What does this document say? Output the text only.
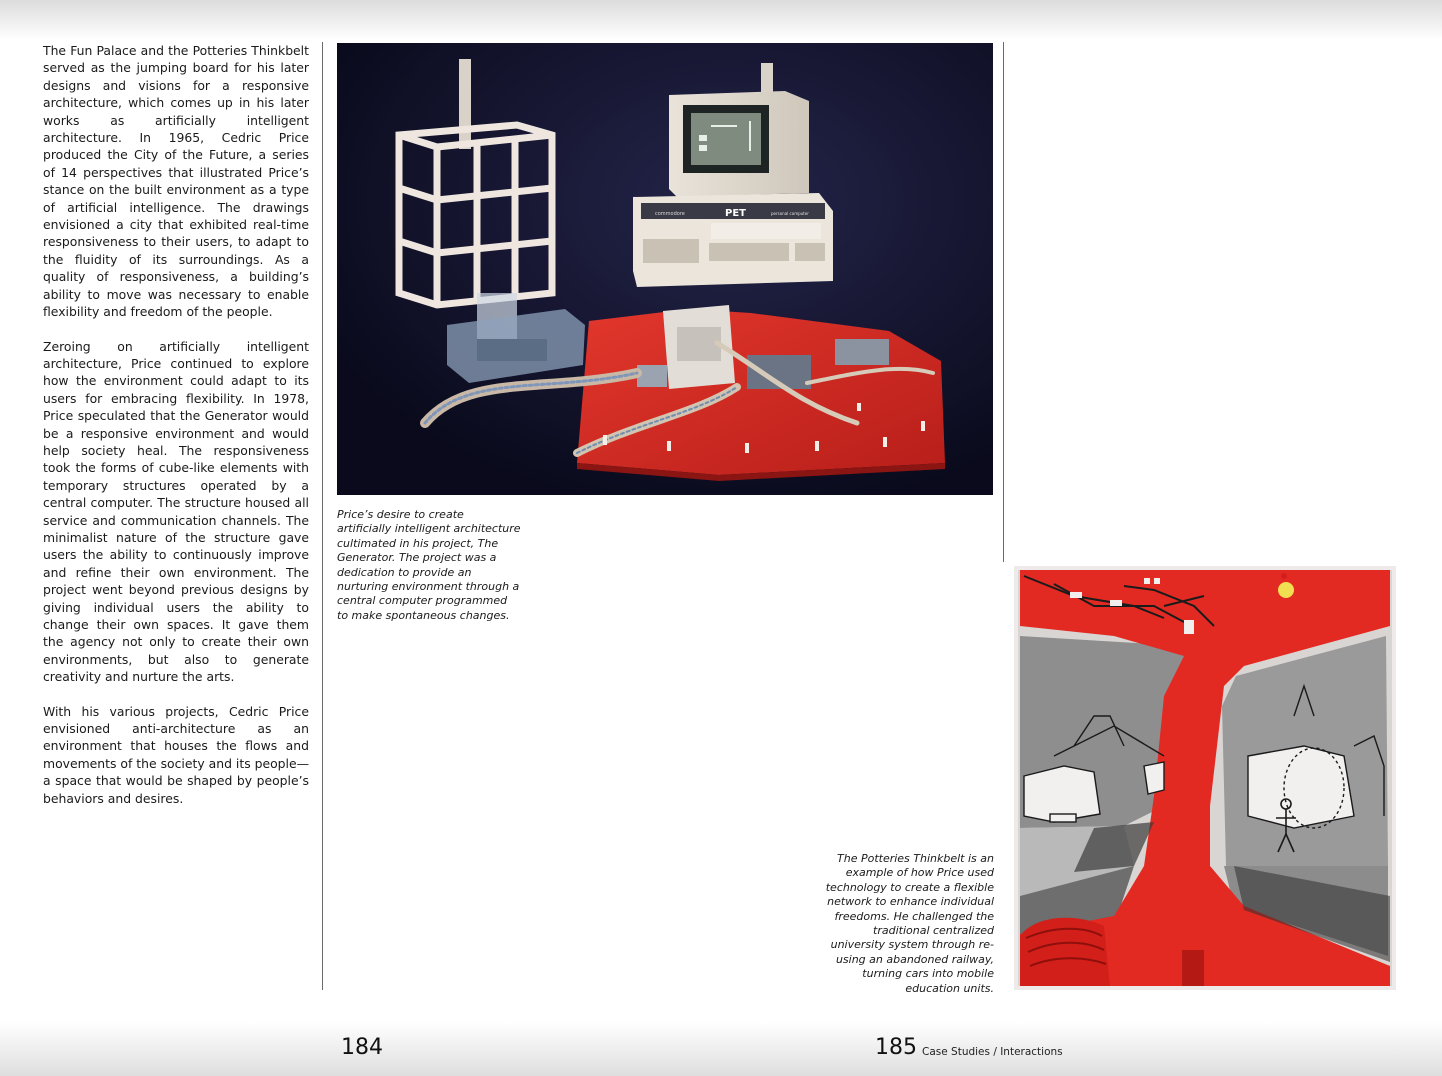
The Fun Palace and the Potteries Thinkbelt served as the jumping board for his later designs and visions for a responsive architecture, which comes up in his later works as artificially intelligent architecture. In 1965, Cedric Price produced the City of the Future, a series of 14 perspectives that illustrated Price’s stance on the built environment as a type of artificial intelligence. The drawings envisioned a city that exhibited real-time responsiveness to their users, to adapt to the fluidity of its surroundings. As a quality of responsiveness, a building’s ability to move was necessary to enable flexibility and freedom of the people.

Zeroing on artificially intelligent architecture, Price continued to explore how the environment could adapt to its users for embracing flexibility. In 1978, Price speculated that the Generator would be a responsive environment and would help society heal. The responsiveness took the forms of cube-like elements with temporary structures operated by a central computer. The structure housed all service and communication channels. The minimalist nature of the structure gave users the ability to continuously improve and refine their own environment. The project went beyond previous designs by giving individual users the ability to change their own spaces. It gave them the agency not only to create their own environments, but also to generate creativity and nurture the arts.

With his various projects, Cedric Price envisioned anti-architecture as an environment that houses the flows and movements of the society and its people—a space that would be shaped by people’s behaviors and desires.

commodore	PET	personal computer
Price’s desire to create artificially intelligent architecture cultimated in his project, The Generator. The project was a dedication to provide an nurturing environment through a central computer programmed to make spontaneous changes.
The Potteries Thinkbelt is an example of how Price used technology to create a flexible network to enhance individual freedoms. He challenged the traditional centralized university system through re-using an abandoned railway, turning cars into mobile education units.
184	185 Case Studies / Interactions
